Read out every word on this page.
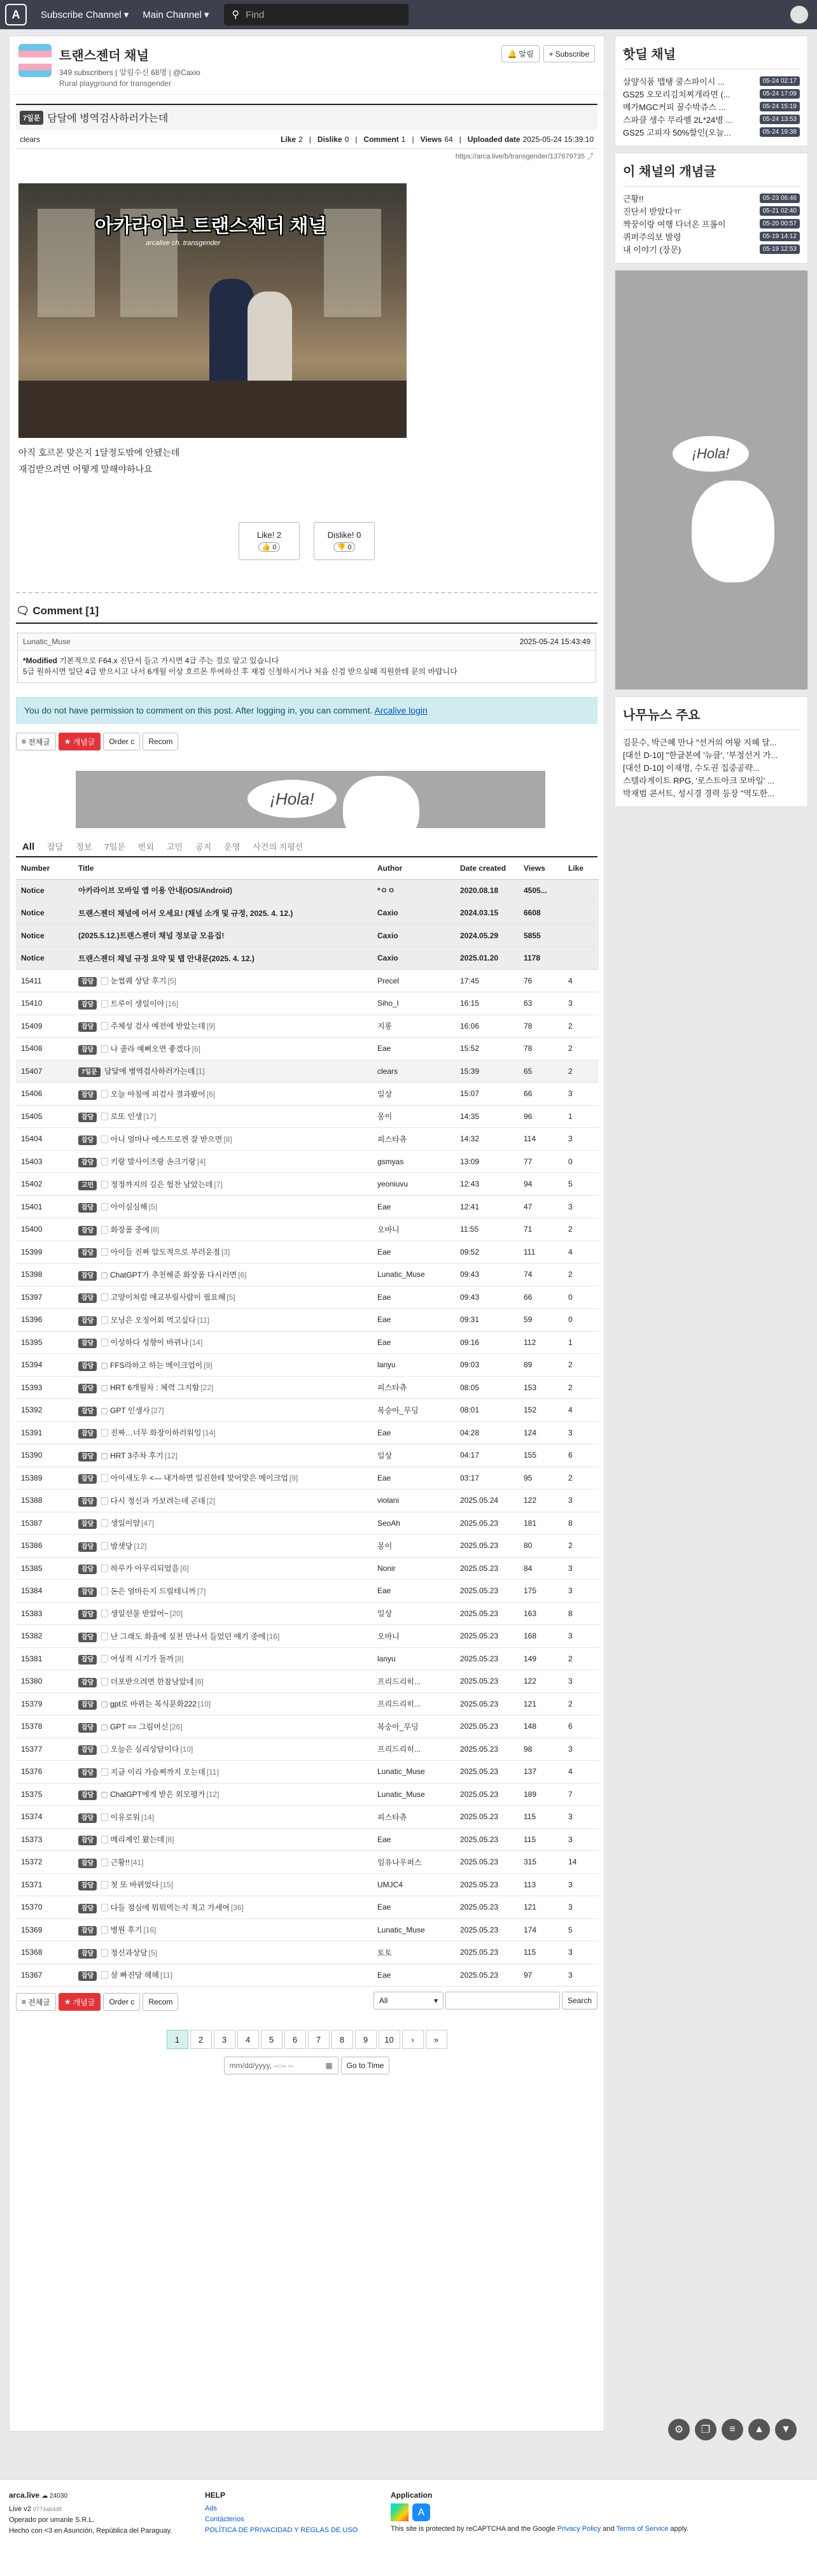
A	Subscribe Channel ▾ Main Channel ▾ ⚲ Find
트랜스젠더 채널
349 subscribers | 알림수신 68명 | @Caxio
Rural playground for transgender
🔔 알림 + Subscribe
7일문 담달에 병역검사하러가는데
clears	Like 2 | Dislike 0 | Comment 1 | Views 64 | Uploaded date 2025-05-24 15:39:10
https://arca.live/b/transgender/137679735 ⤴
아카라이브 트랜스젠더 채널
arcalive ch. transgender
아직 호르몬 맞은지 1달정도밖에 안됐는데
재검받으려면 어떻게 말해야하나요
Like! 2
👍 0
Dislike! 0
👎 0
🗨 Comment [1]
Lunatic_Muse	2025-05-24 15:43:49
*Modified 기본적으로 F64.x 진단서 들고 가시면 4급 주는 걸로 알고 있습니다
5급 원하시면 일단 4급 받으시고 나서 6개월 이상 호르몬 투여하신 후 재검 신청하시거나 처음 신검 받으실때 직원한테 문의 바랍니다
You do not have permission to comment on this post. After logging in, you can comment. Arcalive login
≡ 전체글 ★ 개념글 Order c Recom
¡Hola!
All	잡담	정보	7일문	번외	고민	공지	운영	사건의 지평선
Number	Title	Author	Date created	Views	Like
Notice	아카라이브 모바일 앱 이용 안내(iOS/Android)	*ㅇㅇ	2020.08.18	4505...	
Notice	트랜스젠더 채널에 어서 오세요! (채널 소개 및 규정, 2025. 4. 12.)	Caxio	2024.03.15	6608	
Notice	(2025.5.12.)트랜스젠더 채널 정보글 모음집!	Caxio	2024.05.29	5855	
Notice	트랜스젠더 채널 규정 요약 및 탭 안내문(2025. 4. 12.)	Caxio	2025.01.20	1178	
15411	잡담 ▢ 눈썹퀘 상담 후기 [5]	Precel	17:45	76	4
15410	잡담 ▢ 트루이 생일이야 [16]	Siho_l	16:15	63	3
15409	잡담 ▢ 주체성 검사 예전에 받았는데 [9]	지롱	16:06	78	2
15408	잡담 ▢ 나 졸라 예뻐오면 좋겠다 [6]	Eae	15:52	78	2
15407	7일문 담달에 병역검사하러가는데 [1]	clears	15:39	65	2
15406	잡담 ▢ 오늘 아침에 피검사 결과봤어 [6]	일상	15:07	66	3
15405	잡담 ▢ 로또 인생 [17]	몽이	14:35	96	1
15404	잡담 ▢ 아니 얼마나 에스트로겐 잘 받으면 [8]	피스타츄	14:32	114	3
15403	잡담 ▢ 키랑 발사이즈랑 손크기랑 [4]	gsmyas	13:09	77	0
15402	고민 ▢ 정정까지의 길은 험찬 남았는데 [7]	yeoniuvu	12:43	94	5
15401	잡담 ▢ 아이심심해 [5]	Eae	12:41	47	3
15400	잡담 ▢ 화장품 중에 [8]	오바니	11:55	71	2
15399	잡담 ▢ 아이들 진짜 압도적으로 부러운점 [3]	Eae	09:52	111	4
15398	잡담 ▢ ChatGPT가 추천해준 화장품 다시러면 [6]	Lunatic_Muse	09:43	74	2
15397	잡담 ▢ 고양이처럼 애교부릴사람이 필요해 [5]	Eae	09:43	66	0
15396	잡담 ▢ 모닝은 오징어회 먹고싶다 [11]	Eae	09:31	59	0
15395	잡담 ▢ 이상하다 성향이 바뀌나 [14]	Eae	09:16	112	1
15394	잡담 ▢ FFS라하고 하는 메이크업이 [9]	lanyu	09:03	89	2
15393	잡담 ▢ HRT 6개월차 : 체력 그지함 [22]	피스타츄	08:05	153	2
15392	잡담 ▢ GPT 인생사 [27]	복숭아_무딩	08:01	152	4
15391	잡담 ▢ 진짜…너무 화장이하러워잉 [14]	Eae	04:28	124	3
15390	잡담 ▢ HRT 3주차 후기 [12]	일상	04:17	155	6
15389	잡담 ▢ 아이새도우 <— 내가하면 일진한테 맞어맞은 메이크업 [9]	Eae	03:17	95	2
15388	잡담 ▢ 다시 정신과 가보려는데 곤데 [2]	violani	2025.05.24	122	3
15387	잡담 ▢ 생일이얌 [47]	SeoAh	2025.05.23	181	8
15386	잡담 ▢ 밤샛당 [12]	몽이	2025.05.23	80	2
15385	잡담 ▢ 하루가 아무리되었을 [6]	Nonir	2025.05.23	84	3
15384	잡담 ▢ 돈은 얼마든지 드릴테니까 [7]	Eae	2025.05.23	175	3
15383	잡담 ▢ 생일선물 받았어~ [20]	일상	2025.05.23	163	8
15382	잡담 ▢ 난 그래도 화율에 실천 만나서 들었던 얘기 중에 [16]	오바니	2025.05.23	168	3
15381	잡담 ▢ 여성적 시기가 돌까 [8]	lanyu	2025.05.23	149	2
15380	잡담 ▢ 더포받으려면 한참남았네 [6]	프리드리히...	2025.05.23	122	3
15379	잡담 ▢ gpt로 바뀌는 복식문화222 [10]	프리드리히...	2025.05.23	121	2
15378	잡담 ▢ GPT == 그림머신 [26]	복숭아_무딩	2025.05.23	148	6
15377	잡담 ▢ 오늘은 심리상담이다 [10]	프리드리히...	2025.05.23	98	3
15376	잡담 ▢ 지금 이리 가슴쪄까지 오는데 [11]	Lunatic_Muse	2025.05.23	137	4
15375	잡담 ▢ ChatGPT에게 받은 외모평가 [12]	Lunatic_Muse	2025.05.23	189	7
15374	잡담 ▢ 이유로워 [14]	피스타츄	2025.05.23	115	3
15373	잡담 ▢ 메리제인 왔는데 [8]	Eae	2025.05.23	115	3
15372	잡담 ▢ 근황!! [41]	임유나우퍼스	2025.05.23	315	14
15371	잡담 ▢ 첫 또 바뀌었다 [15]	UMJC4	2025.05.23	113	3
15370	잡담 ▢ 다들 점심에 뭐뭐먹는지 적고 가세여 [36]	Eae	2025.05.23	121	3
15369	잡담 ▢ 병원 후기 [16]	Lunatic_Muse	2025.05.23	174	5
15368	잡담 ▢ 정신과상담 [5]	토토	2025.05.23	115	3
15367	잡담 ▢ 살 빠진당 헤헤 [11]	Eae	2025.05.23	97	3
≡ 전체글 ★ 개념글 Order c Recom	All	▾	Search
1	2	3	4	5	6	7	8	9	10	›	»
mm/dd/yyyy, --:-- --	▦	Go to Time
핫딜 채널
삼양식품 맵탱 쿨스파이시 ...	05-24 02:17
GS25 오모리김치찌개라면 (...	05-24 17:09
메가MGC커피 꿀수박쥬스 ...	05-24 15:19
스파클 생수 무라벨 2L*24병 ...	05-24 13:53
GS25 고피자 50%할인(오늘...	05-24 19:38
이 채널의 개념글
근황!!	05-23 06:46
진단서 받았다ㅠ	05-21 02:40
짝꿍이랑 여행 다녀온 프롤이	05-20 00:57
퀴퍼주의보 발령	05-19 14:12
내 이야기 (장문)	05-19 12:53
¡Hola!
나무뉴스 주요
김문수, 박근혜 만나 "선거의 여왕 지혜 달...
[대선 D-10] "한글본에 '뉴클', '부정선거 가...
[대선 D-10] 이재명, 수도권 집중공략...
스텔라게이트 RPG, '로스트아크 모바일' ...
박재범 콘서트, 성시경 경력 등장 "역도한...
⚙	❐	≡	▲	▼
arca.live ☁ 24030
Live v2 0774ab4d8
Operado por umanle S.R.L.
Hecho con <3 en Asunción, República del Paraguay.
HELP
Ads
Contáctenos
POLÍTICA DE PRIVACIDAD Y REGLAS DE USO
Application
A
This site is protected by reCAPTCHA and the Google Privacy Policy and Terms of Service apply.
